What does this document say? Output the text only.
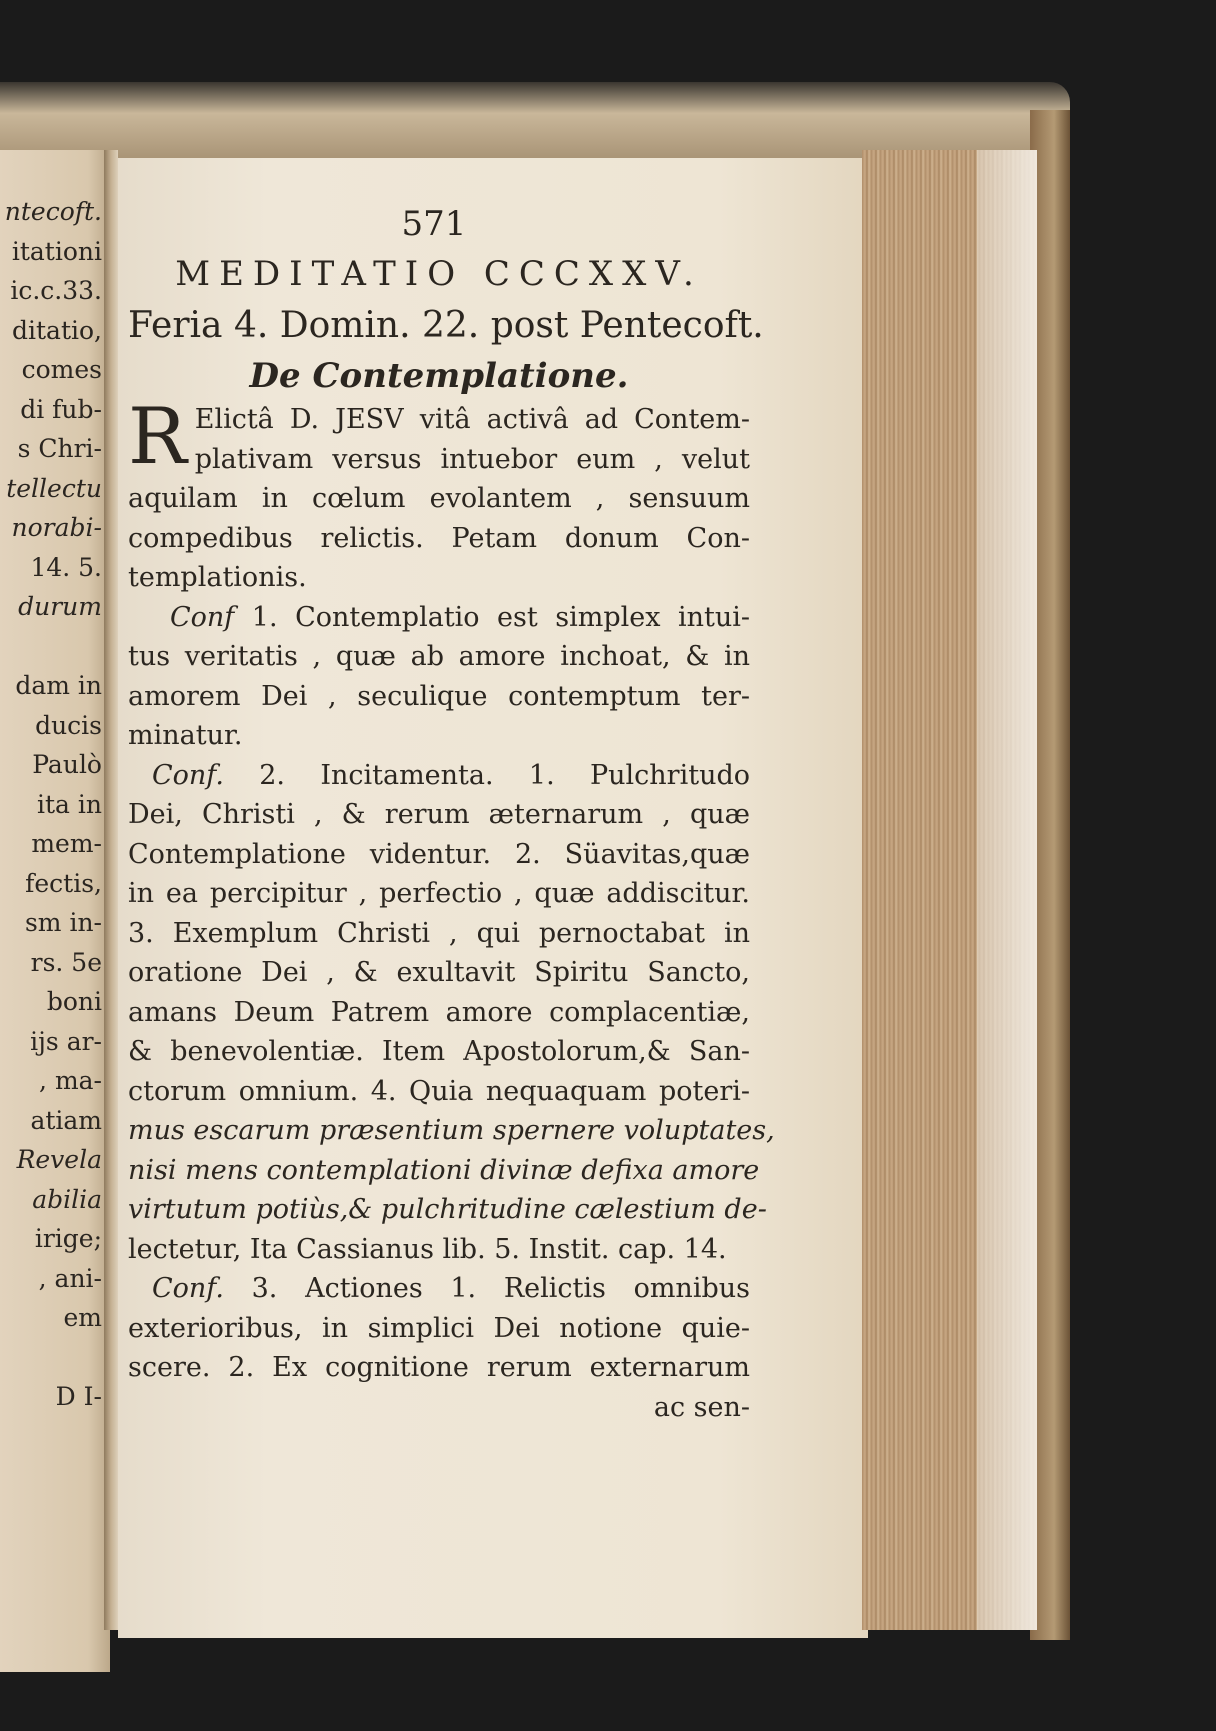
ntecoft.
itationi
ic.c.33.
ditatio,
comes
di fub-
s Chri-
tellectu
norabi-
14. 5.
durum
dam in
ducis
Paulò
ita in
mem-
fectis,
sm in-
rs. 5e
boni
ijs ar-
, ma-
atiam
Revela
abilia
irige;
, ani-
em
D I-
571
MEDITATIO CCCXXV.
Feria 4. Domin. 22. post Pentecoft.
De Contemplatione.
R Elictâ D. JESV vitâ activâ ad Contem-
plativam versus intuebor eum , velut
aquilam in cœlum evolantem , sensuum
compedibus relictis. Petam donum Con-
templationis.
Conf 1. Contemplatio est simplex intui-
tus veritatis , quæ ab amore inchoat, & in
amorem Dei , seculique contemptum ter-
minatur.
Conf. 2. Incitamenta. 1. Pulchritudo
Dei, Christi , & rerum æternarum , quæ
Contemplatione videntur. 2. Süavitas,quæ
in ea percipitur , perfectio , quæ addiscitur.
3. Exemplum Christi , qui pernoctabat in
oratione Dei , & exultavit Spiritu Sancto,
amans Deum Patrem amore complacentiæ,
& benevolentiæ. Item Apostolorum,& San-
ctorum omnium. 4. Quia nequaquam poteri-
mus escarum præsentium spernere voluptates,
nisi mens contemplationi divinæ defixa amore
virtutum potiùs,& pulchritudine cælestium de-
lectetur, Ita Cassianus lib. 5. Instit. cap. 14.
Conf. 3. Actiones 1. Relictis omnibus
exterioribus, in simplici Dei notione quie-
scere. 2. Ex cognitione rerum externarum
ac sen-
